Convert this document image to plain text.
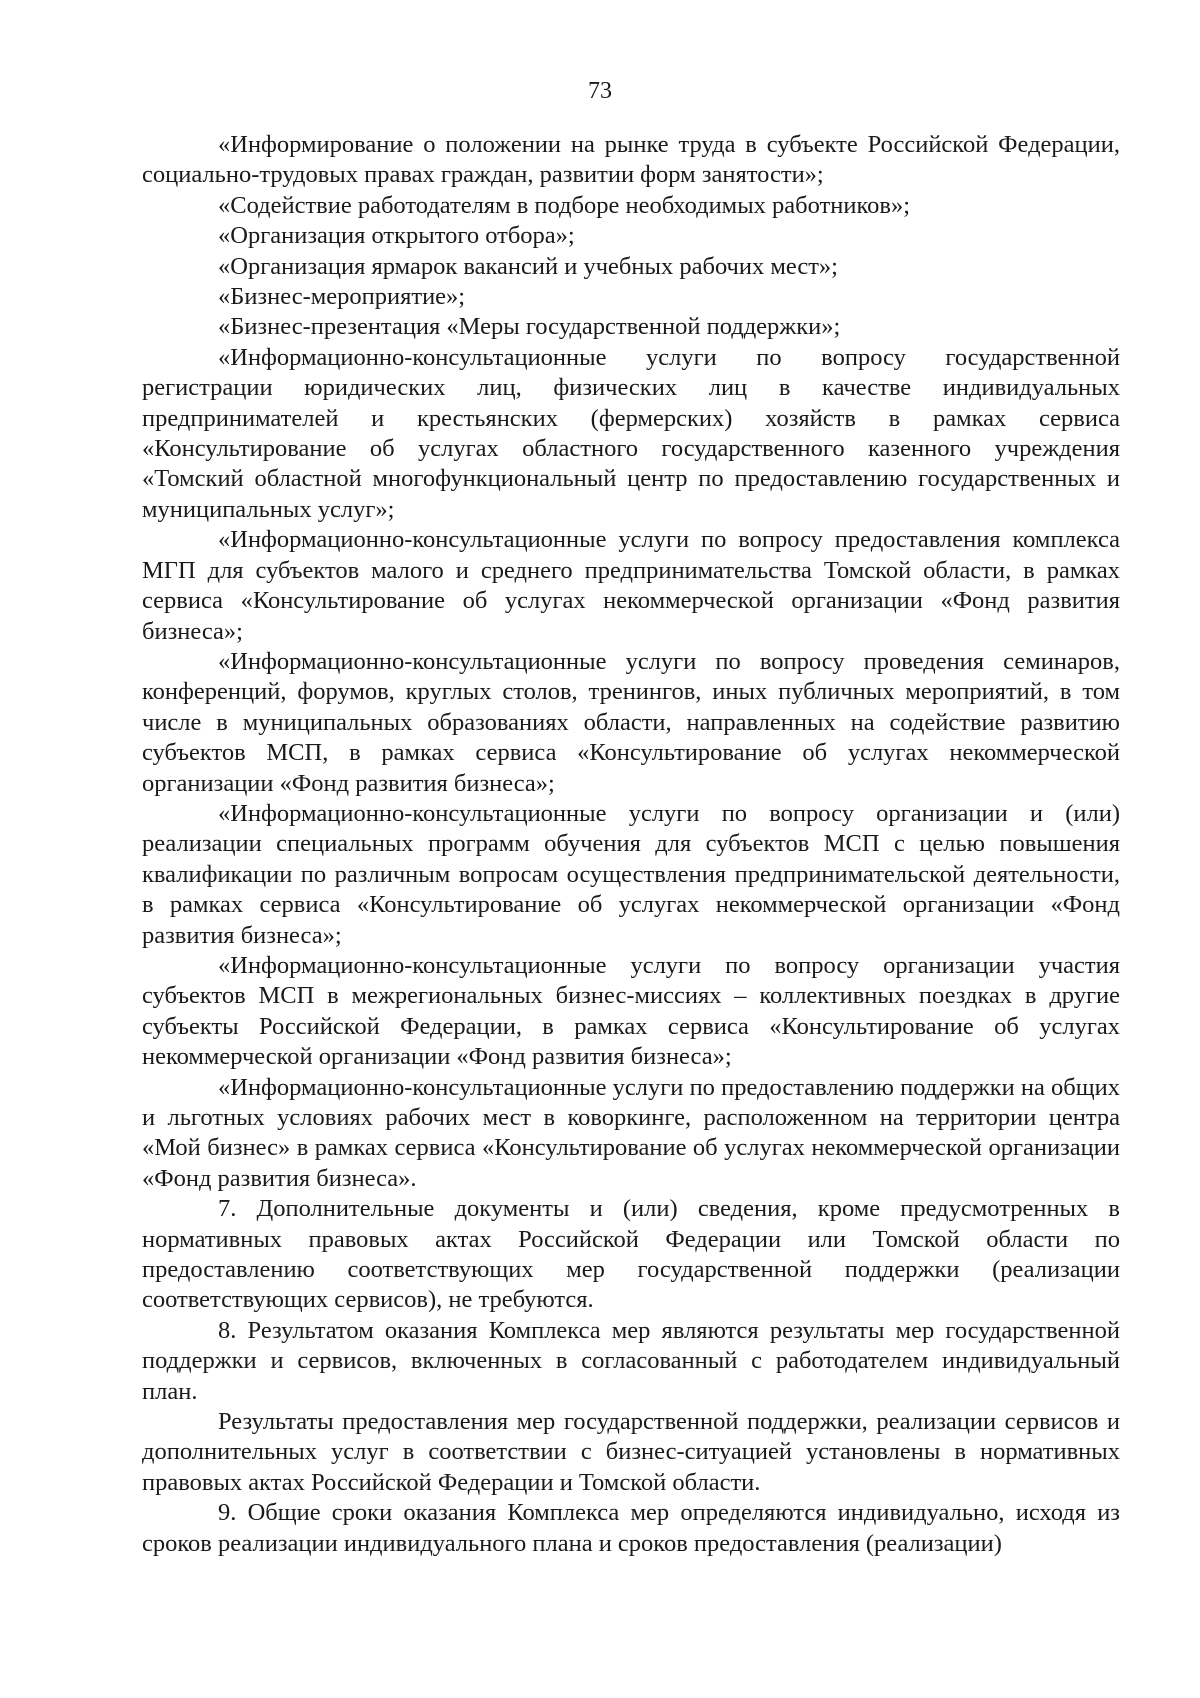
73

«Информирование о положении на рынке труда в субъекте Российской Федерации, социально-трудовых правах граждан, развитии форм занятости»;

«Содействие работодателям в подборе необходимых работников»;

«Организация открытого отбора»;

«Организация ярмарок вакансий и учебных рабочих мест»;

«Бизнес-мероприятие»;

«Бизнес-презентация «Меры государственной поддержки»;

«Информационно-консультационные услуги по вопросу государственной регистрации юридических лиц, физических лиц в качестве индивидуальных предпринимателей и крестьянских (фермерских) хозяйств в рамках сервиса «Консультирование об услугах областного государственного казенного учреждения «Томский областной многофункциональный центр по предоставлению государственных и муниципальных услуг»;

«Информационно-консультационные услуги по вопросу предоставления комплекса МГП для субъектов малого и среднего предпринимательства Томской области, в рамках сервиса «Консультирование об услугах некоммерческой организации «Фонд развития бизнеса»;

«Информационно-консультационные услуги по вопросу проведения семинаров, конференций, форумов, круглых столов, тренингов, иных публичных мероприятий, в том числе в муниципальных образованиях области, направленных на содействие развитию субъектов МСП, в рамках сервиса «Консультирование об услугах некоммерческой организации «Фонд развития бизнеса»;

«Информационно-консультационные услуги по вопросу организации и (или) реализации специальных программ обучения для субъектов МСП с целью повышения квалификации по различным вопросам осуществления предпринимательской деятельности, в рамках сервиса «Консультирование об услугах некоммерческой организации «Фонд развития бизнеса»;

«Информационно-консультационные услуги по вопросу организации участия субъектов МСП в межрегиональных бизнес-миссиях – коллективных поездках в другие субъекты Российской Федерации, в рамках сервиса «Консультирование об услугах некоммерческой организации «Фонд развития бизнеса»;

«Информационно-консультационные услуги по предоставлению поддержки на общих и льготных условиях рабочих мест в коворкинге, расположенном на территории центра «Мой бизнес» в рамках сервиса «Консультирование об услугах некоммерческой организации «Фонд развития бизнеса».

7. Дополнительные документы и (или) сведения, кроме предусмотренных в нормативных правовых актах Российской Федерации или Томской области по предоставлению соответствующих мер государственной поддержки (реализации соответствующих сервисов), не требуются.

8. Результатом оказания Комплекса мер являются результаты мер государственной поддержки и сервисов, включенных в согласованный с работодателем индивидуальный план.

Результаты предоставления мер государственной поддержки, реализации сервисов и дополнительных услуг в соответствии с бизнес-ситуацией установлены в нормативных правовых актах Российской Федерации и Томской области.

9. Общие сроки оказания Комплекса мер определяются индивидуально, исходя из сроков реализации индивидуального плана и сроков предоставления (реализации)
